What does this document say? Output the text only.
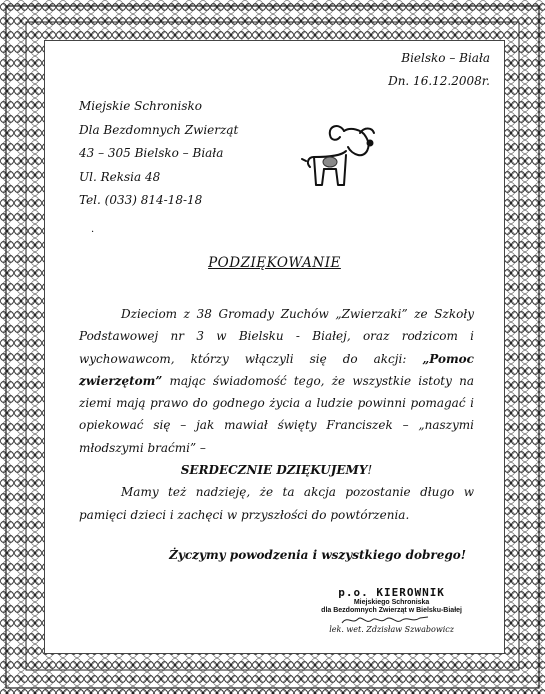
Bielsko – Biała
Dn. 16.12.2008r.
Miejskie Schronisko
Dla Bezdomnych Zwierząt
43 – 305 Bielsko – Biała
Ul. Reksia 48
Tel. (033) 814-18-18
·
PODZIĘKOWANIE

Dzieciom z 38 Gromady Zuchów „Zwierzaki” ze Szkoły Podstawowej nr 3 w Bielsku - Białej, oraz rodzicom i wychowawcom, którzy włączyli się do akcji: „Pomoc zwierzętom” mając świadomość tego, że wszystkie istoty na ziemi mają prawo do godnego życia a ludzie powinni pomagać i opiekować się – jak mawiał święty Franciszek – „naszymi młodszymi braćmi” –

SERDECZNIE DZIĘKUJEMY!

Mamy też nadzieję, że ta akcja pozostanie długo w pamięci dzieci i zachęci w przyszłości do powtórzenia.

Życzymy powodzenia i wszystkiego dobrego!
p.o. KIEROWNIK
Miejskiego Schroniska
dla Bezdomnych Zwierząt w Bielsku-Białej
lek. wet. Zdzisław Szwabowicz
